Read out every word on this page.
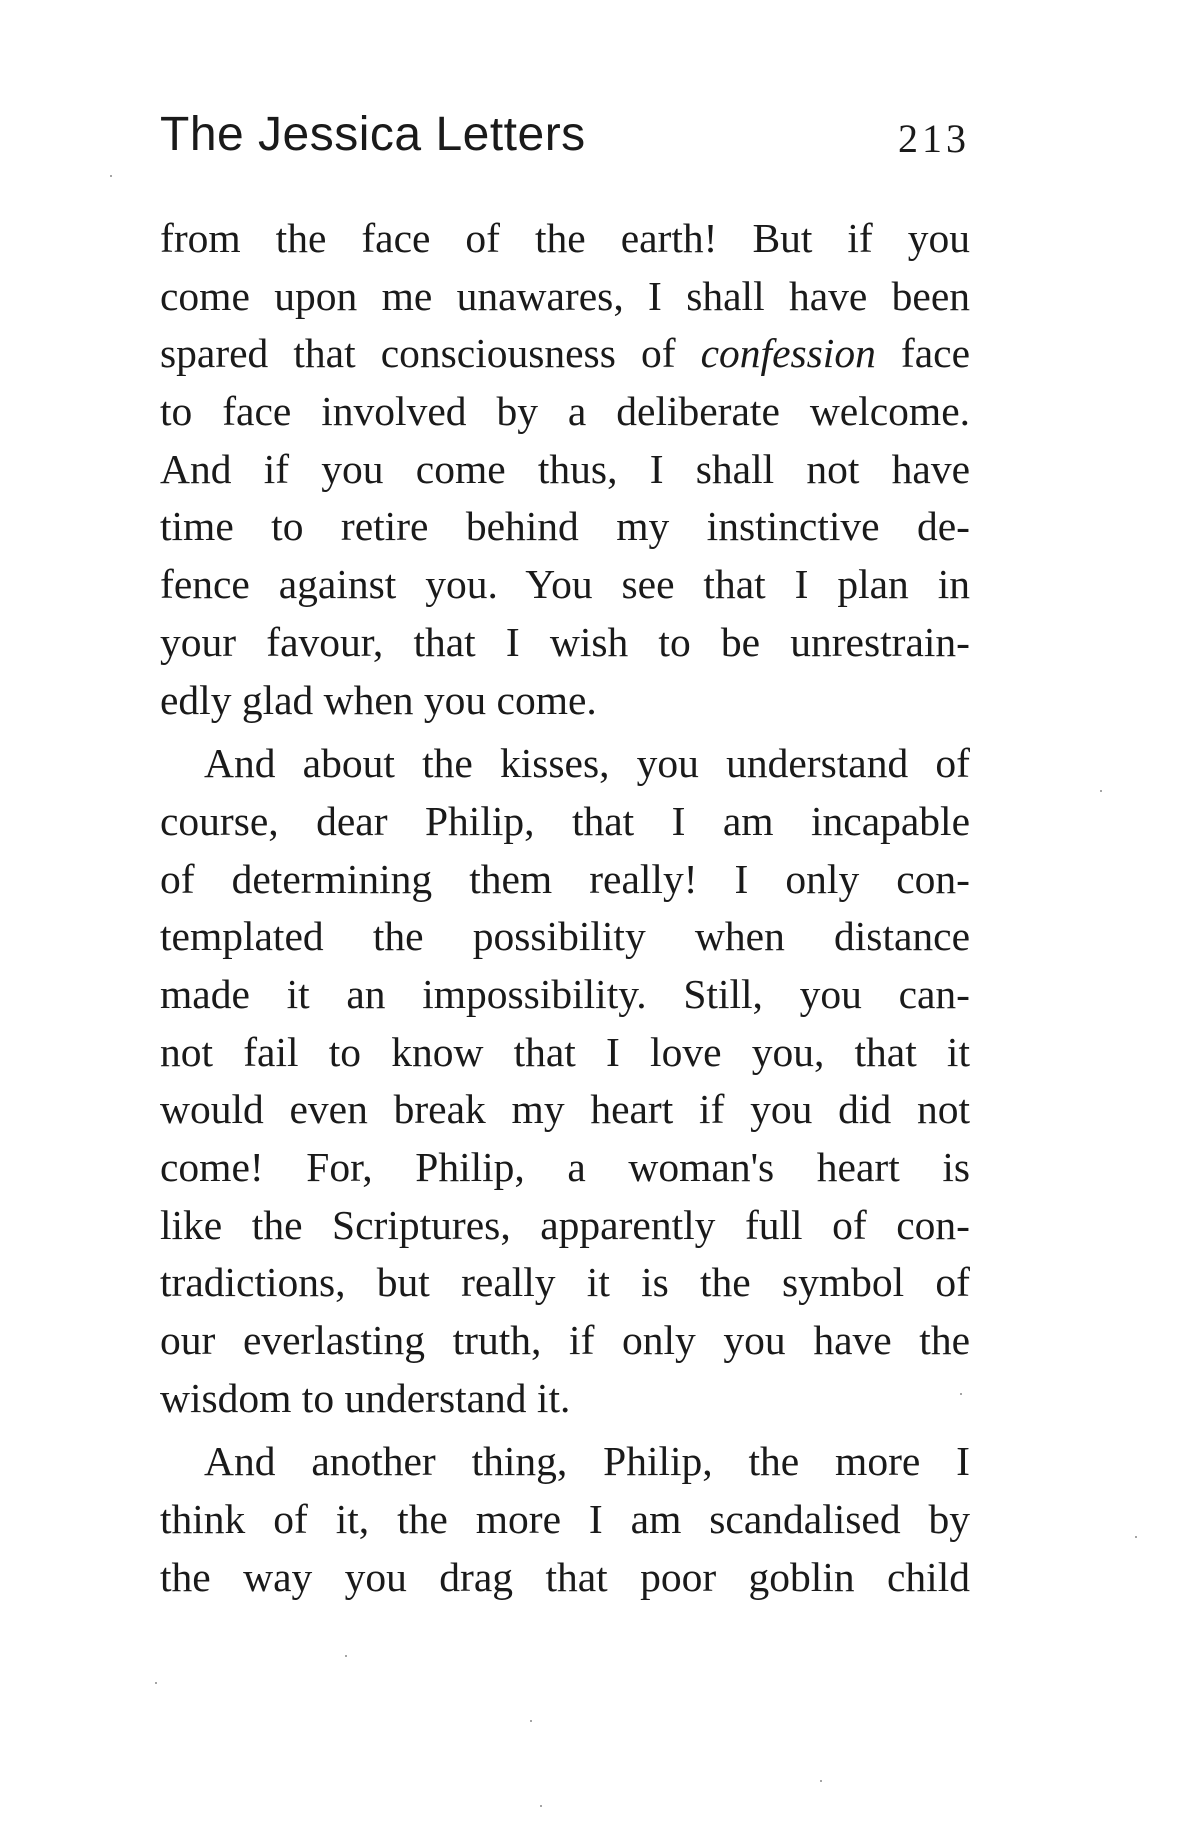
The Jessica Letters	213
from the face of the earth! But if you
come upon me unawares, I shall have been
spared that consciousness of confession face
to face involved by a deliberate welcome.
And if you come thus, I shall not have
time to retire behind my instinctive de-
fence against you. You see that I plan in
your favour, that I wish to be unrestrain-
edly glad when you come.
And about the kisses, you understand of
course, dear Philip, that I am incapable
of determining them really! I only con-
templated the possibility when distance
made it an impossibility. Still, you can-
not fail to know that I love you, that it
would even break my heart if you did not
come! For, Philip, a woman's heart is
like the Scriptures, apparently full of con-
tradictions, but really it is the symbol of
our everlasting truth, if only you have the
wisdom to understand it.
And another thing, Philip, the more I
think of it, the more I am scandalised by
the way you drag that poor goblin child
